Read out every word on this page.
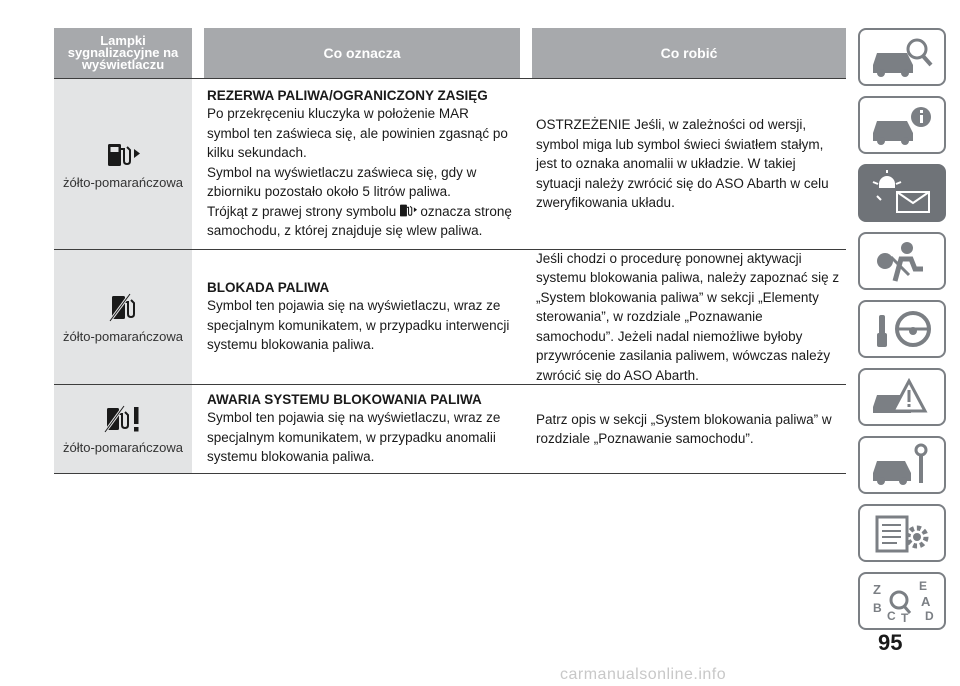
Lampki sygnalizacyjne na wyświetlaczu
Co oznacza	Co robić
żółto-pomarańczowa
REZERWA PALIWA/OGRANICZONY ZASIĘG
Po przekręceniu kluczyka w położenie MAR symbol ten zaświeca się, ale powinien zgasnąć po kilku sekundach.
Symbol na wyświetlaczu zaświeca się, gdy w zbiorniku pozostało około 5 litrów paliwa.
Trójkąt z prawej strony symbolu oznacza stronę samochodu, z której znajduje się wlew paliwa.
OSTRZEŻENIE Jeśli, w zależności od wersji, symbol miga lub symbol świeci światłem stałym, jest to oznaka anomalii w układzie. W takiej sytuacji należy zwrócić się do ASO Abarth w celu zweryfikowania układu.
żółto-pomarańczowa
BLOKADA PALIWA
Symbol ten pojawia się na wyświetlaczu, wraz ze specjalnym komunikatem, w przypadku interwencji systemu blokowania paliwa.
Jeśli chodzi o procedurę ponownej aktywacji systemu blokowania paliwa, należy zapoznać się z „System blokowania paliwa” w sekcji „Elementy sterowania”, w rozdziale „Poznawanie samochodu”. Jeżeli nadal niemożliwe byłoby przywrócenie zasilania paliwem, wówczas należy zwrócić się do ASO Abarth.
żółto-pomarańczowa
AWARIA SYSTEMU BLOKOWANIA PALIWA
Symbol ten pojawia się na wyświetlaczu, wraz ze specjalnym komunikatem, w przypadku anomalii systemu blokowania paliwa.
Patrz opis w sekcji „System blokowania paliwa” w rozdziale „Poznawanie samochodu”.
Z	E
A
B
C T D
95
carmanualsonline.info
